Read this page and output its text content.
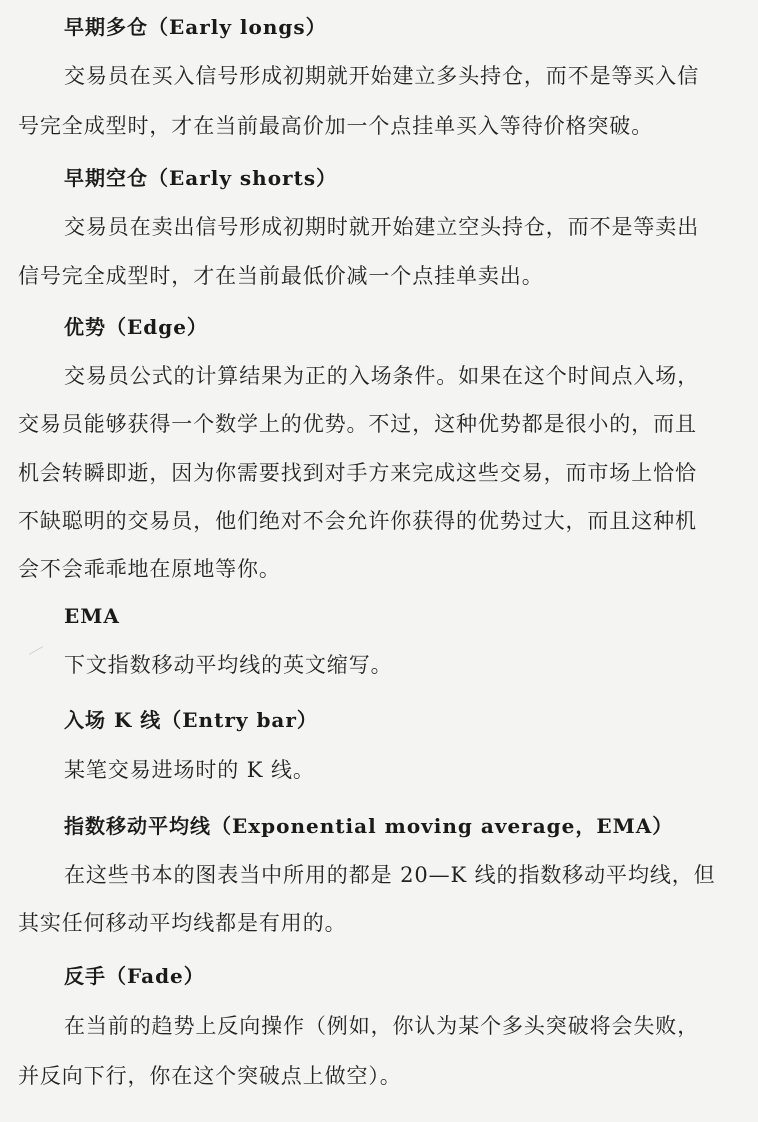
早期多仓（Early longs）
交易员在买入信号形成初期就开始建立多头持仓，而不是等买入信
号完全成型时，才在当前最高价加一个点挂单买入等待价格突破。
早期空仓（Early shorts）
交易员在卖出信号形成初期时就开始建立空头持仓，而不是等卖出
信号完全成型时，才在当前最低价减一个点挂单卖出。
优势（Edge）
交易员公式的计算结果为正的入场条件。如果在这个时间点入场，
交易员能够获得一个数学上的优势。不过，这种优势都是很小的，而且
机会转瞬即逝，因为你需要找到对手方来完成这些交易，而市场上恰恰
不缺聪明的交易员，他们绝对不会允许你获得的优势过大，而且这种机
会不会乖乖地在原地等你。
EMA
下文指数移动平均线的英文缩写。
入场 K 线（Entry bar）
某笔交易进场时的 K 线。
指数移动平均线（Exponential moving average，EMA）
在这些书本的图表当中所用的都是 20—K 线的指数移动平均线，但
其实任何移动平均线都是有用的。
反手（Fade）
在当前的趋势上反向操作（例如，你认为某个多头突破将会失败，
并反向下行，你在这个突破点上做空）。
